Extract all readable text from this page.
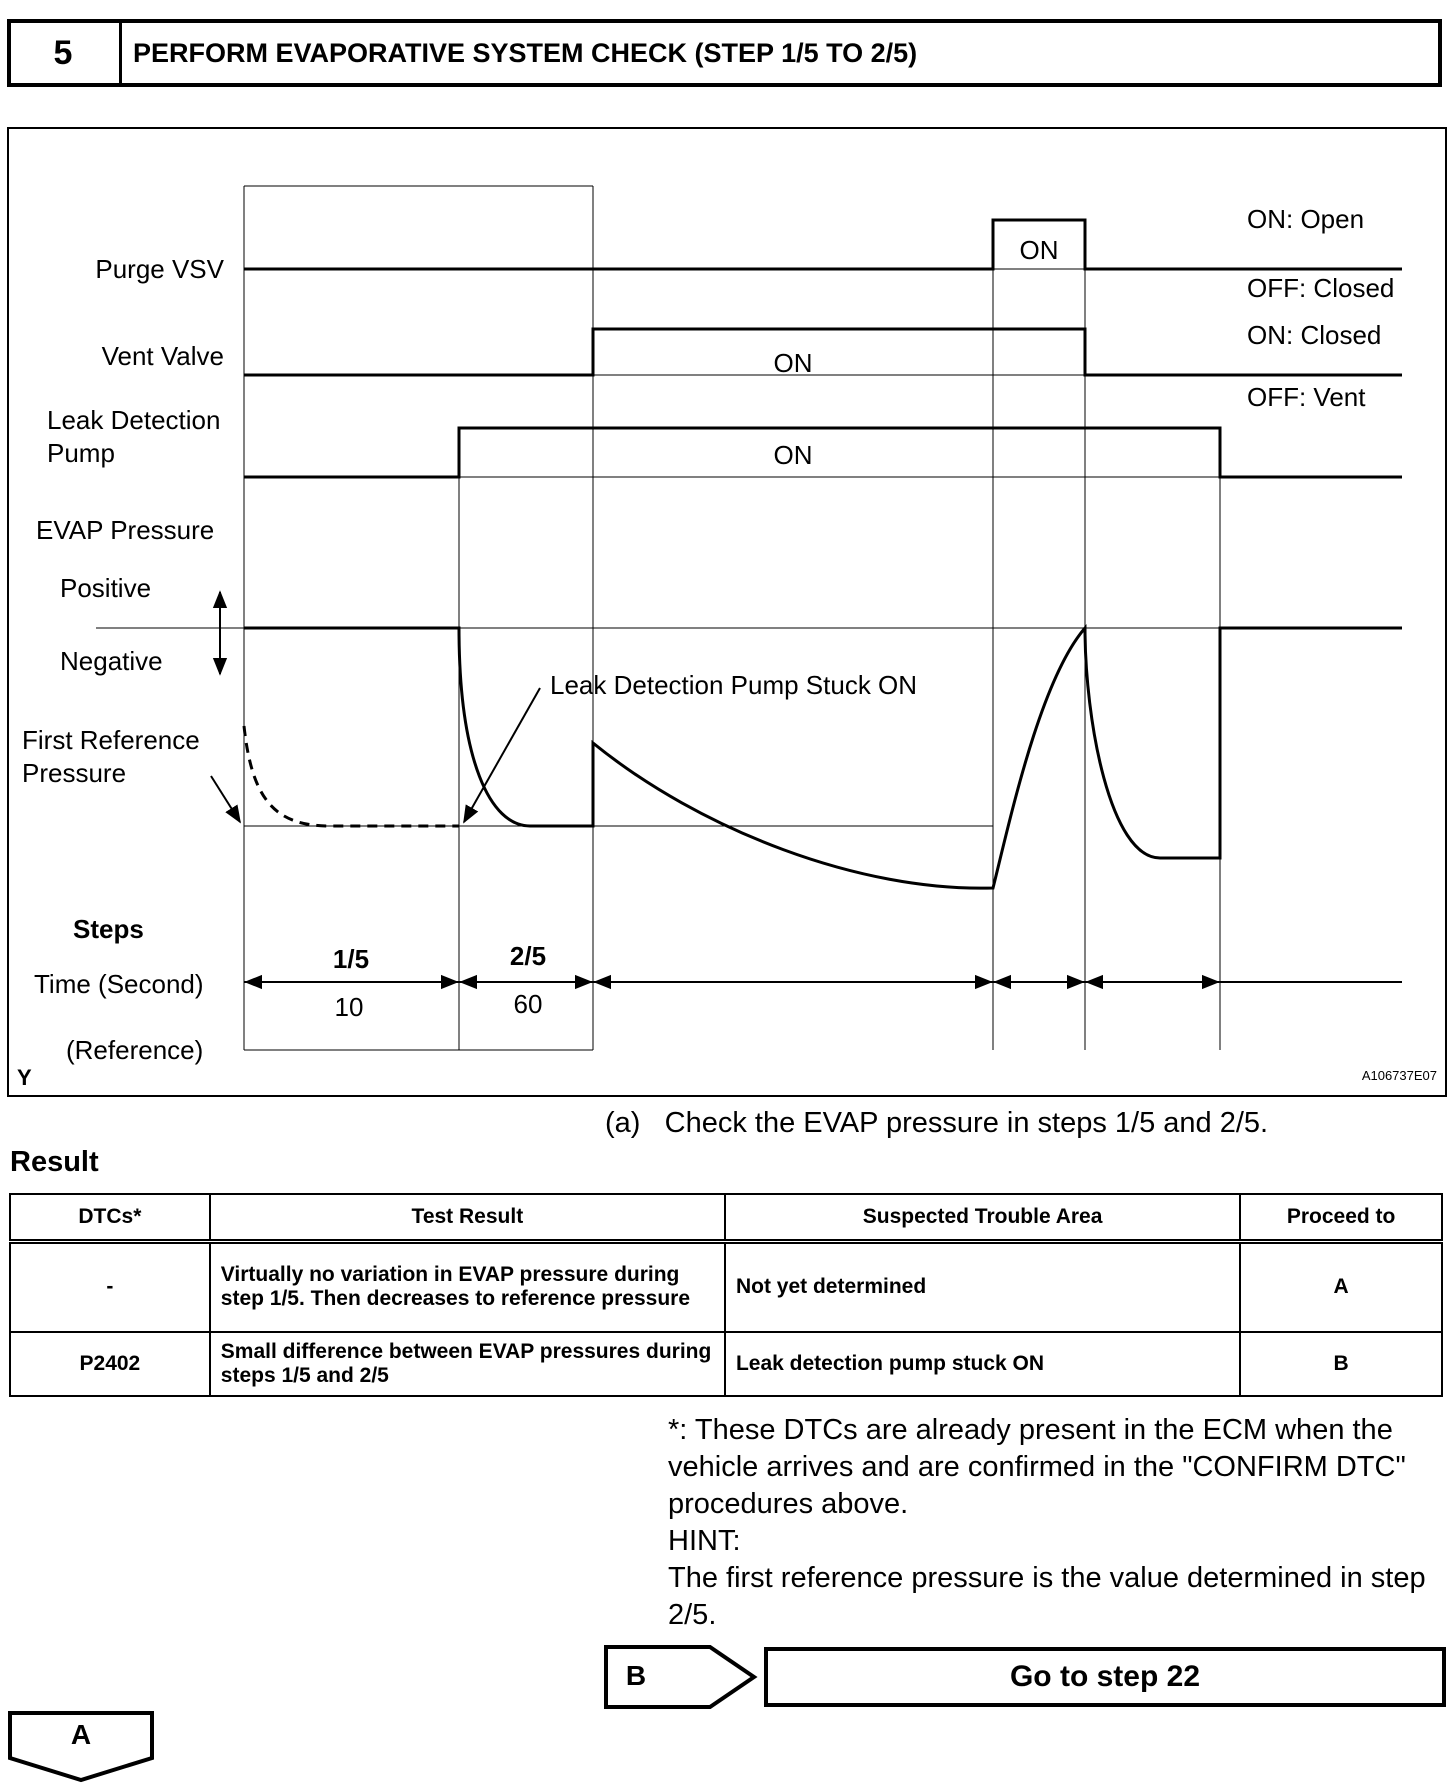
5	PERFORM EVAPORATIVE SYSTEM CHECK (STEP 1/5 TO 2/5)
Purge VSV
Vent Valve
Leak Detection
Pump
EVAP Pressure
Positive
Negative
First Reference
Pressure
Steps
Time (Second)
(Reference)
ON: Open
OFF: Closed
ON: Closed
OFF: Vent
ON
ON
ON
Leak Detection Pump Stuck ON
1/5	2/5
10	60
Y	A106737E07
(a) Check the EVAP pressure in steps 1/5 and 2/5.
Result
DTCs*	Test Result	Suspected Trouble Area	Proceed to
-	Virtually no variation in EVAP pressure during step 1/5. Then decreases to reference pressure	Not yet determined	A
P2402	Small difference between EVAP pressures during steps 1/5 and 2/5	Leak detection pump stuck ON	B

*: These DTCs are already present in the ECM when the vehicle arrives and are confirmed in the "CONFIRM DTC" procedures above.

HINT:

The first reference pressure is the value determined in step 2/5.

B	Go to step 22
A
